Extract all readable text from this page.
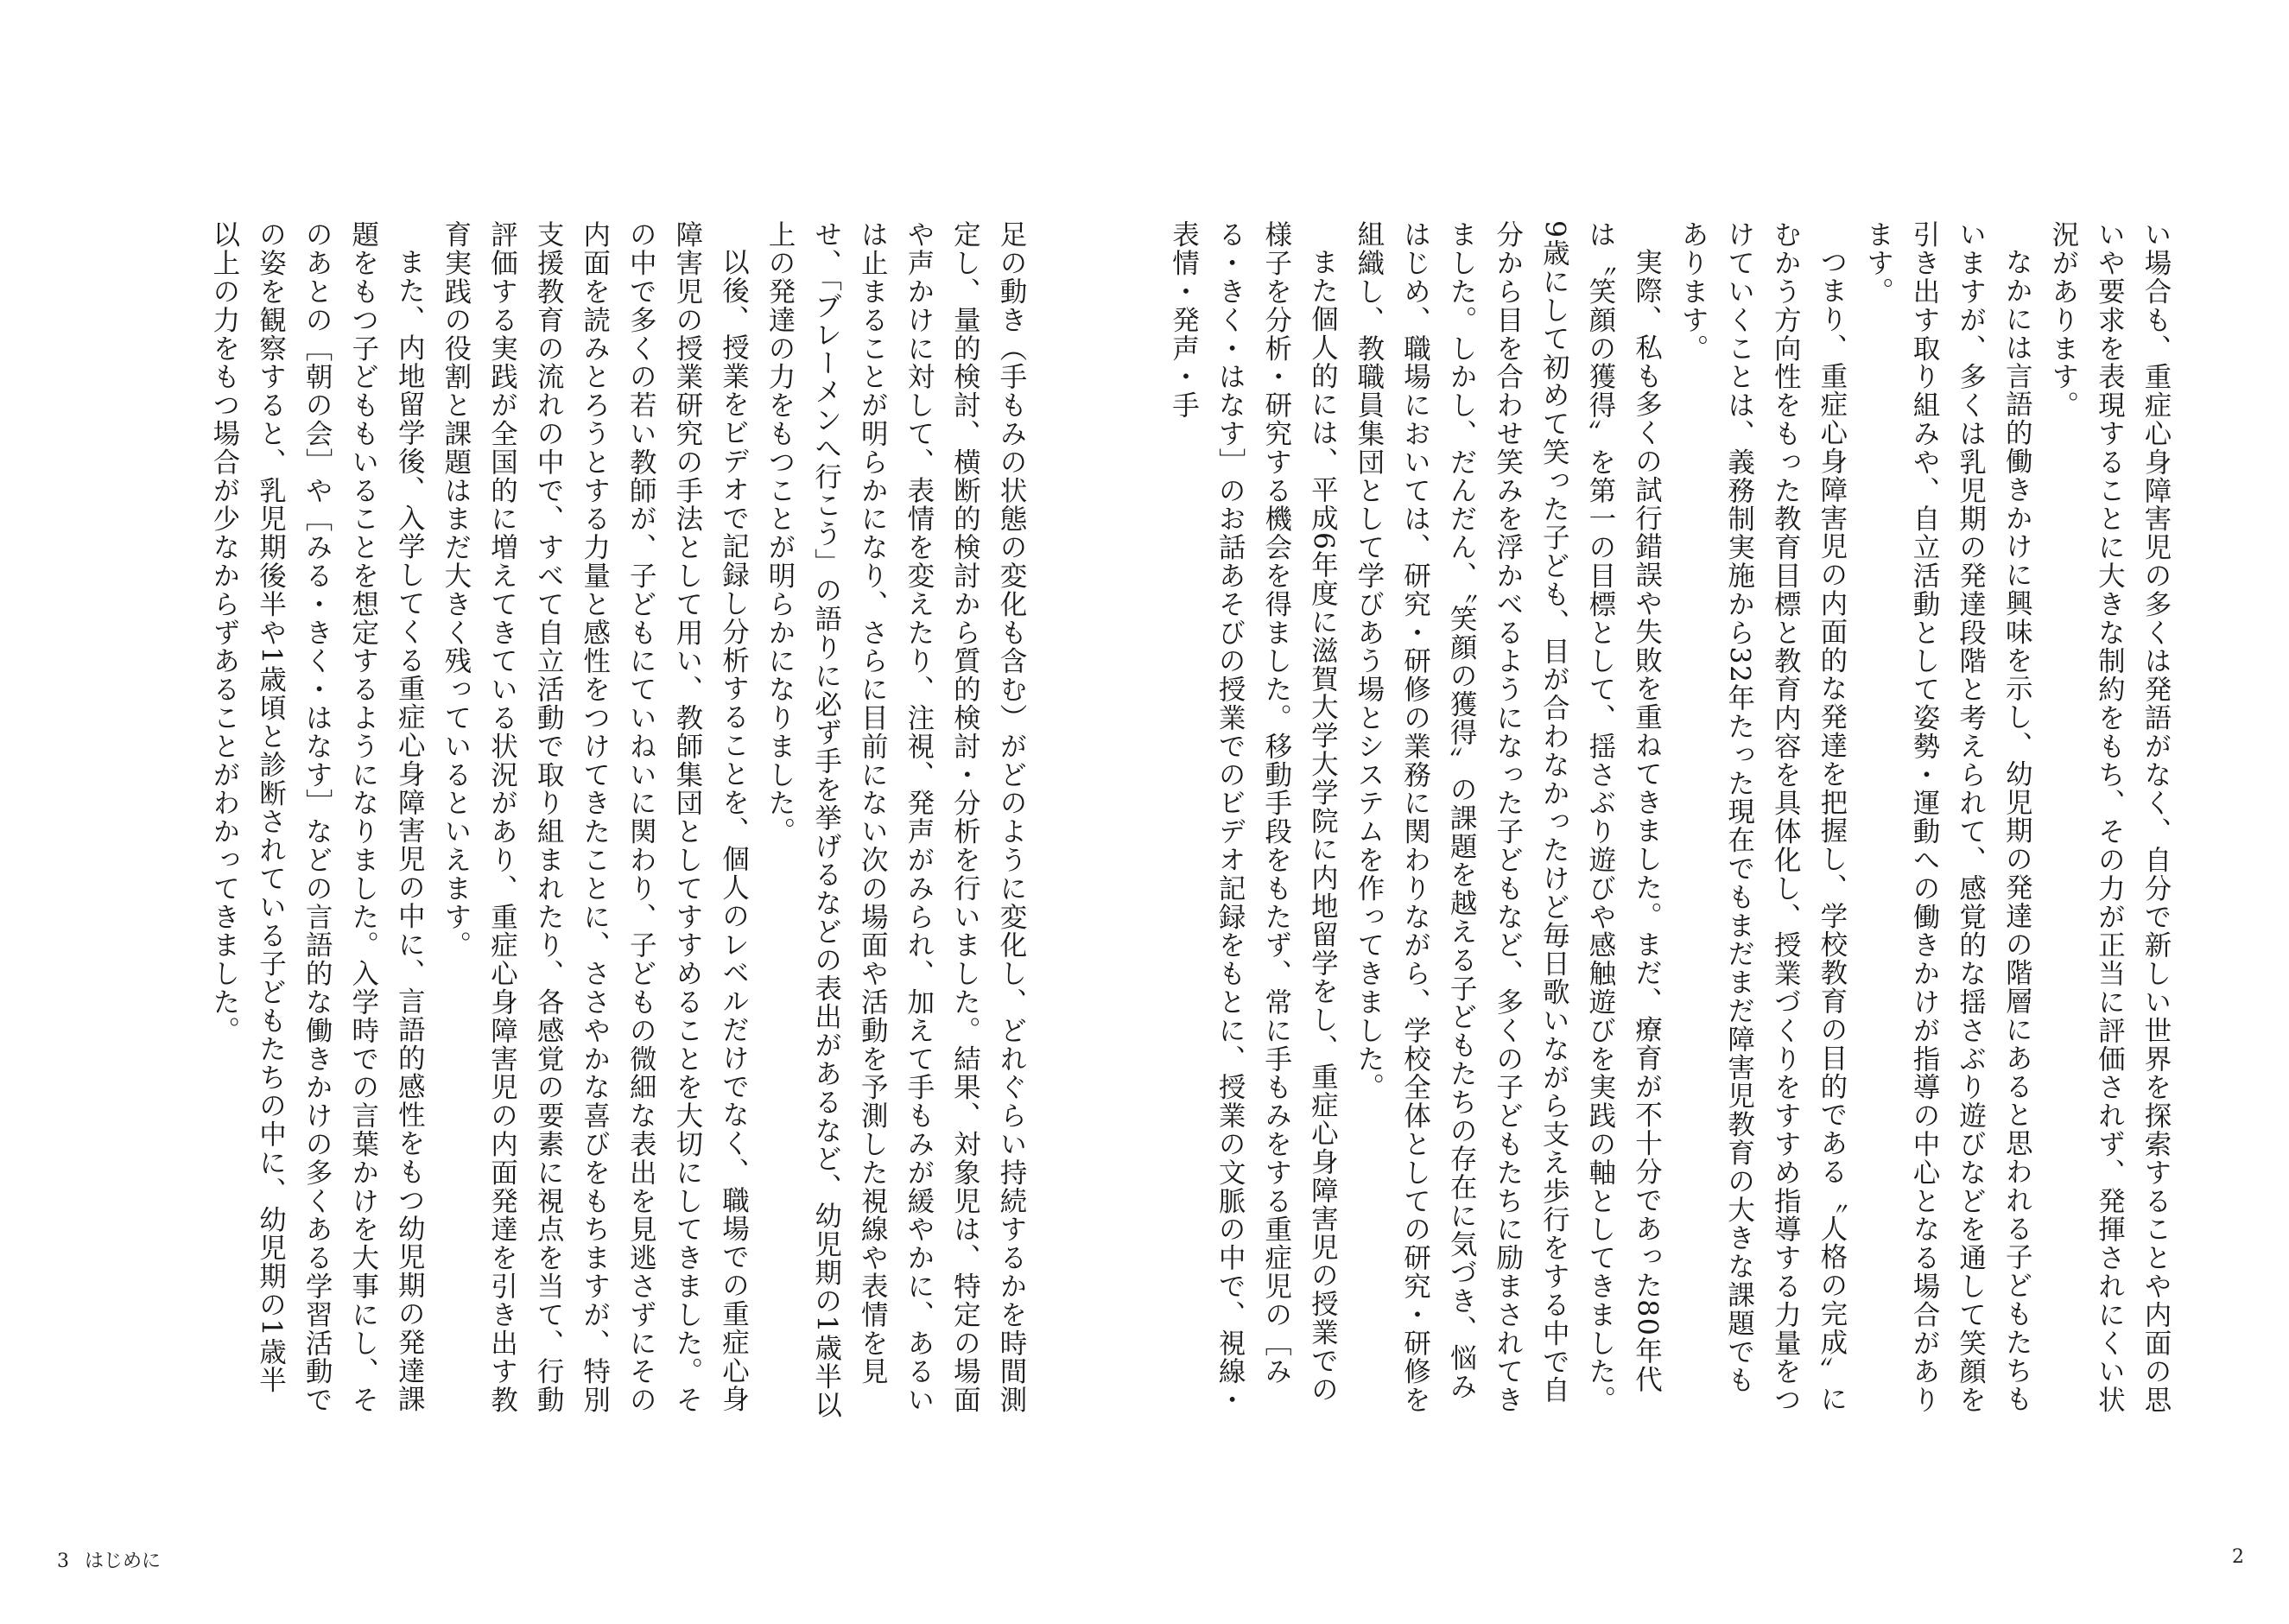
足の動き（手もみの状態の変化も含む）がどのように変化し、どれぐらい持続するかを時間測定し、量的検討、横断的検討から質的検討・分析を行いました。結果、対象児は、特定の場面や声かけに対して、表情を変えたり、注視、発声がみられ、加えて手もみが緩やかに、あるいは止まることが明らかになり、さらに目前にない次の場面や活動を予測した視線や表情を見せ、「ブレーメンへ行こう」の語りに必ず手を挙げるなどの表出があるなど、幼児期の1歳半以上の発達の力をもつことが明らかになりました。

以後、授業をビデオで記録し分析することを、個人のレベルだけでなく、職場での重症心身障害児の授業研究の手法として用い、教師集団としてすすめることを大切にしてきました。その中で多くの若い教師が、子どもにていねいに関わり、子どもの微細な表出を見逃さずにその内面を読みとろうとする力量と感性をつけてきたことに、ささやかな喜びをもちますが、特別支援教育の流れの中で、すべて自立活動で取り組まれたり、各感覚の要素に視点を当て、行動評価する実践が全国的に増えてきている状況があり、重症心身障害児の内面発達を引き出す教育実践の役割と課題はまだ大きく残っているといえます。

また、内地留学後、入学してくる重症心身障害児の中に、言語的感性をもつ幼児期の発達課題をもつ子どももいることを想定するようになりました。入学時での言葉かけを大事にし、そのあとの［朝の会］や［みる・きく・はなす］などの言語的な働きかけの多くある学習活動での姿を観察すると、乳児期後半や1歳頃と診断されている子どもたちの中に、幼児期の1歳半以上の力をもつ場合が少なからずあることがわかってきました。

3 はじめに

い場合も、重症心身障害児の多くは発語がなく、自分で新しい世界を探索することや内面の思いや要求を表現することに大きな制約をもち、その力が正当に評価されず、発揮されにくい状況があります。

なかには言語的働きかけに興味を示し、幼児期の発達の階層にあると思われる子どもたちもいますが、多くは乳児期の発達段階と考えられて、感覚的な揺さぶり遊びなどを通して笑顔を引き出す取り組みや、自立活動として姿勢・運動への働きかけが指導の中心となる場合があります。

つまり、重症心身障害児の内面的な発達を把握し、学校教育の目的である〝人格の完成〟にむかう方向性をもった教育目標と教育内容を具体化し、授業づくりをすすめ指導する力量をつけていくことは、義務制実施から32年たった現在でもまだまだ障害児教育の大きな課題でもあります。

実際、私も多くの試行錯誤や失敗を重ねてきました。まだ、療育が不十分であった80年代は〝笑顔の獲得〟を第一の目標として、揺さぶり遊びや感触遊びを実践の軸としてきました。9歳にして初めて笑った子ども、目が合わなかったけど毎日歌いながら支え歩行をする中で自分から目を合わせ笑みを浮かべるようになった子どもなど、多くの子どもたちに励まされてきました。しかし、だんだん、〝笑顔の獲得〟の課題を越える子どもたちの存在に気づき、悩みはじめ、職場においては、研究・研修の業務に関わりながら、学校全体としての研究・研修を組織し、教職員集団として学びあう場とシステムを作ってきました。

また個人的には、平成6年度に滋賀大学大学院に内地留学をし、重症心身障害児の授業での様子を分析・研究する機会を得ました。移動手段をもたず、常に手もみをする重症児の［みる・きく・はなす］のお話あそびの授業でのビデオ記録をもとに、授業の文脈の中で、視線・表情・発声・手

2
